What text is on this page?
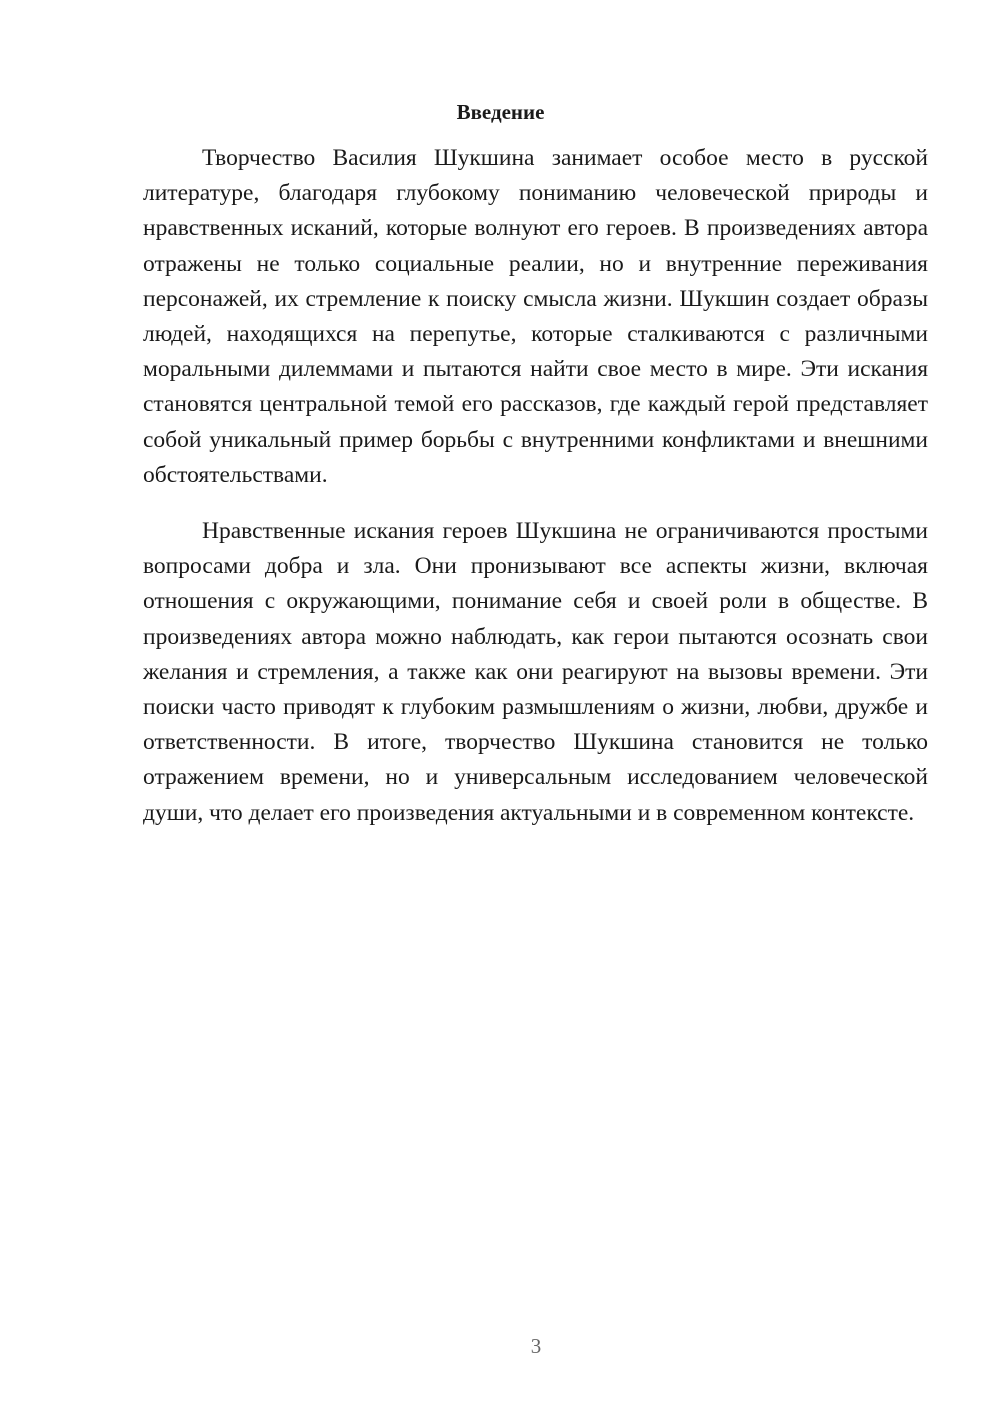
Введение

Творчество Василия Шукшина занимает особое место в русской литературе, благодаря глубокому пониманию человеческой природы и нравственных исканий, которые волнуют его героев. В произведениях автора отражены не только социальные реалии, но и внутренние переживания персонажей, их стремление к поиску смысла жизни. Шукшин создает образы людей, находящихся на перепутье, которые сталкиваются с различными моральными дилеммами и пытаются найти свое место в мире. Эти искания становятся центральной темой его рассказов, где каждый герой представляет собой уникальный пример борьбы с внутренними конфликтами и внешними обстоятельствами.

Нравственные искания героев Шукшина не ограничиваются простыми вопросами добра и зла. Они пронизывают все аспекты жизни, включая отношения с окружающими, понимание себя и своей роли в обществе. В произведениях автора можно наблюдать, как герои пытаются осознать свои желания и стремления, а также как они реагируют на вызовы времени. Эти поиски часто приводят к глубоким размышлениям о жизни, любви, дружбе и ответственности. В итоге, творчество Шукшина становится не только отражением времени, но и универсальным исследованием человеческой души, что делает его произведения актуальными и в современном контексте.

3
